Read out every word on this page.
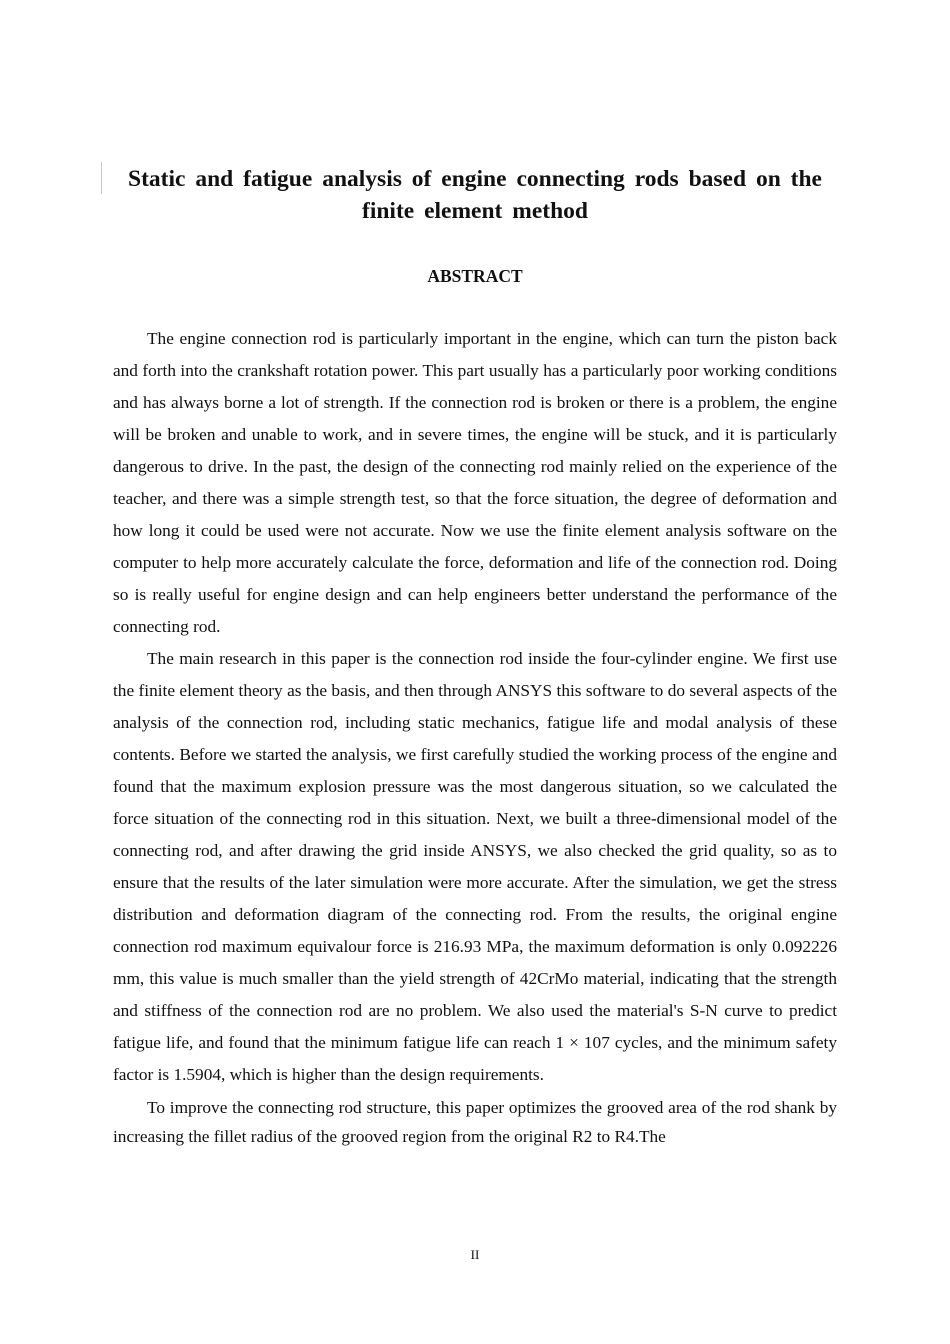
Static and fatigue analysis of engine connecting rods based on the finite element method
ABSTRACT

The engine connection rod is particularly important in the engine, which can turn the piston back and forth into the crankshaft rotation power. This part usually has a particularly poor working conditions and has always borne a lot of strength. If the connection rod is broken or there is a problem, the engine will be broken and unable to work, and in severe times, the engine will be stuck, and it is particularly dangerous to drive. In the past, the design of the connecting rod mainly relied on the experience of the teacher, and there was a simple strength test, so that the force situation, the degree of deformation and how long it could be used were not accurate. Now we use the finite element analysis software on the computer to help more accurately calculate the force, deformation and life of the connection rod. Doing so is really useful for engine design and can help engineers better understand the performance of the connecting rod.

The main research in this paper is the connection rod inside the four-cylinder engine. We first use the finite element theory as the basis, and then through ANSYS this software to do several aspects of the analysis of the connection rod, including static mechanics, fatigue life and modal analysis of these contents. Before we started the analysis, we first carefully studied the working process of the engine and found that the maximum explosion pressure was the most dangerous situation, so we calculated the force situation of the connecting rod in this situation. Next, we built a three-dimensional model of the connecting rod, and after drawing the grid inside ANSYS, we also checked the grid quality, so as to ensure that the results of the later simulation were more accurate. After the simulation, we get the stress distribution and deformation diagram of the connecting rod. From the results, the original engine connection rod maximum equivalour force is 216.93 MPa, the maximum deformation is only 0.092226 mm, this value is much smaller than the yield strength of 42CrMo material, indicating that the strength and stiffness of the connection rod are no problem. We also used the material's S-N curve to predict fatigue life, and found that the minimum fatigue life can reach 1 × 107 cycles, and the minimum safety factor is 1.5904, which is higher than the design requirements.

To improve the connecting rod structure, this paper optimizes the grooved area of the rod shank by increasing the fillet radius of the grooved region from the original R2 to R4.The

II
